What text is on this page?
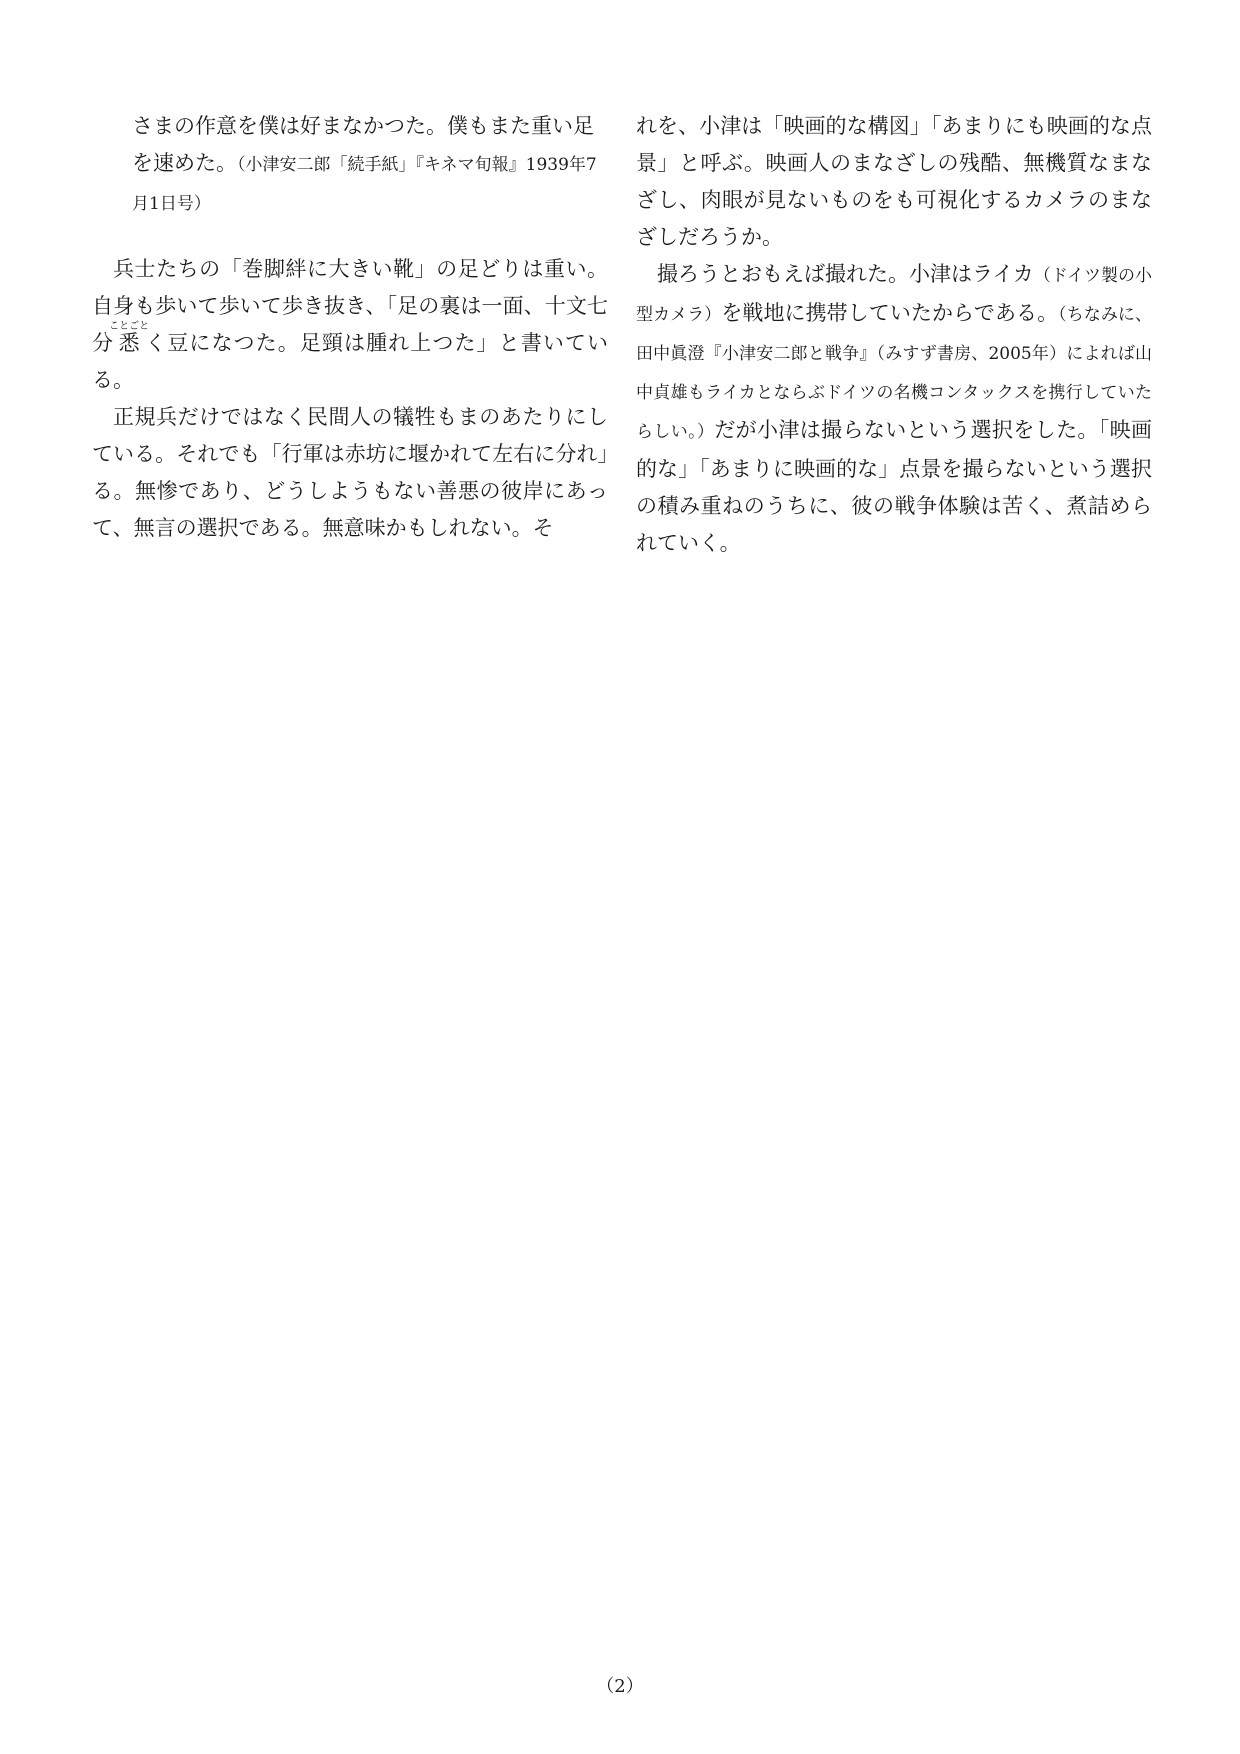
さまの作意を僕は好まなかつた。僕もまた重い足を速めた。（小津安二郎「続手紙」『キネマ旬報』1939年7月1日号）

兵士たちの「巻脚絆に大きい靴」の足どりは重い。自身も歩いて歩いて歩き抜き、「足の裏は一面、十文七分悉ことごとく豆になつた。足頸は腫れ上つた」と書いている。

正規兵だけではなく民間人の犠牲もまのあたりにしている。それでも「行軍は赤坊に堰かれて左右に分れ」る。無惨であり、どうしようもない善悪の彼岸にあって、無言の選択である。無意味かもしれない。そ

れを、小津は「映画的な構図」「あまりにも映画的な点景」と呼ぶ。映画人のまなざしの残酷、無機質なまなざし、肉眼が見ないものをも可視化するカメラのまなざしだろうか。

撮ろうとおもえば撮れた。小津はライカ（ドイツ製の小型カメラ）を戦地に携帯していたからである。（ちなみに、田中眞澄『小津安二郎と戦争』（みすず書房、2005年）によれば山中貞雄もライカとならぶドイツの名機コンタックスを携行していたらしい。）だが小津は撮らないという選択をした。「映画的な」「あまりに映画的な」点景を撮らないという選択の積み重ねのうちに、彼の戦争体験は苦く、煮詰められていく。

（2）
